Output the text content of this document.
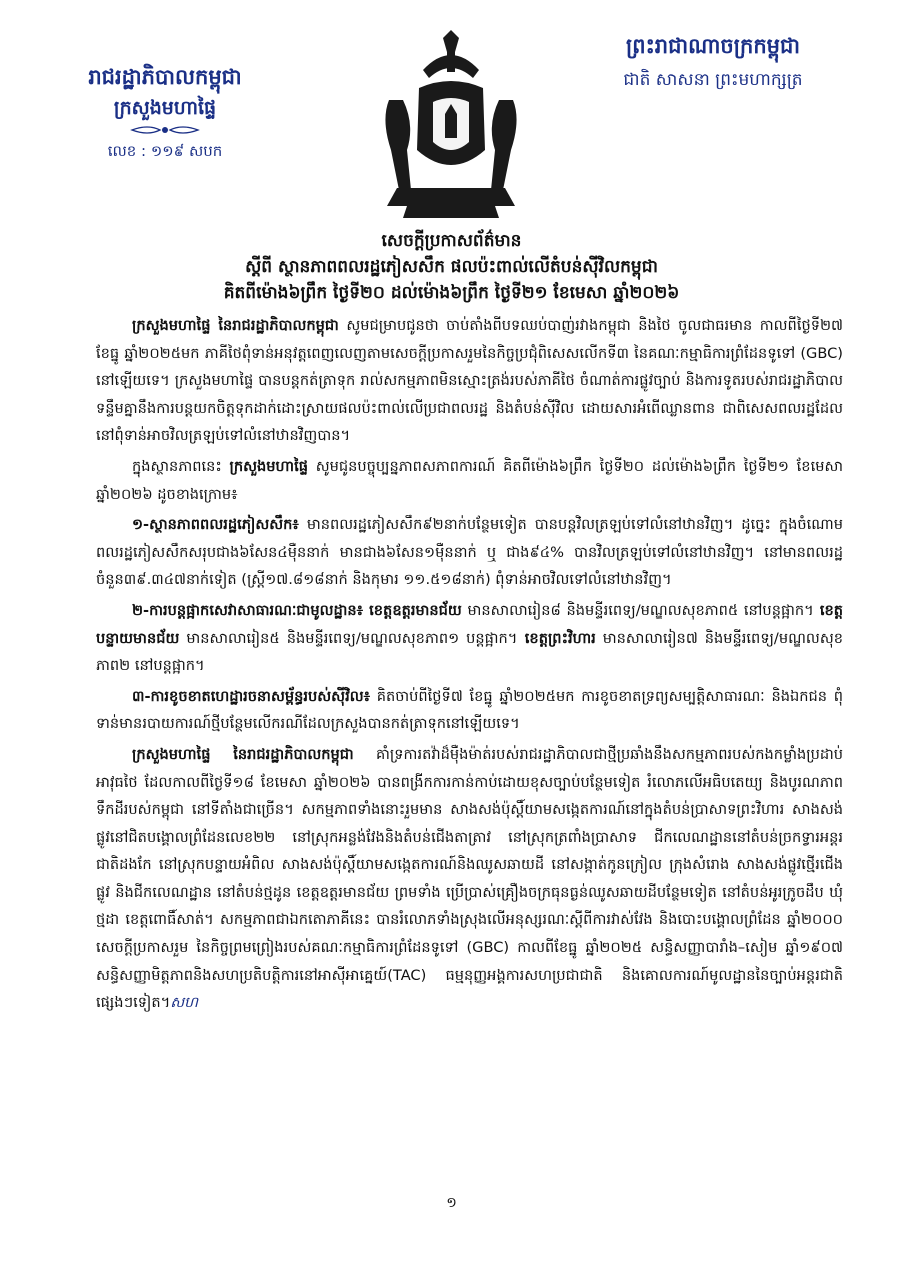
រាជរដ្ឋាភិបាលកម្ពុជា
ក្រសួងមហាផ្ទៃ
លេខ : ១១៩ សបក
ព្រះរាជាណាចក្រកម្ពុជា
ជាតិ សាសនា ព្រះមហាក្សត្រ
សេចក្តីប្រកាសព័ត៌មាន
ស្តីពី ស្ថានភាពពលរដ្ឋភៀសសឹក ផលប៉ះពាល់លើតំបន់ស៊ីវិលកម្ពុជា
គិតពីម៉ោង៦ព្រឹក ថ្ងៃទី២០ ដល់ម៉ោង៦ព្រឹក ថ្ងៃទី២១ ខែមេសា ឆ្នាំ២០២៦

ក្រសួងមហាផ្ទៃ នៃរាជរដ្ឋាភិបាលកម្ពុជា សូមជម្រាបជូនថា ចាប់តាំងពីបទឈប់បាញ់រវាងកម្ពុជា និងថៃ ចូលជាធរមាន កាលពីថ្ងៃទី២៧ ខែធ្នូ ឆ្នាំ២០២៥មក ភាគីថៃពុំទាន់អនុវត្តពេញលេញតាមសេចក្តីប្រកាសរួមនៃកិច្ចប្រជុំពិសេសលើកទី៣ នៃគណៈកម្មាធិការព្រំដែនទូទៅ (GBC) នៅឡើយទេ។ ក្រសួងមហាផ្ទៃ បានបន្តកត់ត្រាទុក រាល់សកម្មភាពមិនស្មោះត្រង់របស់ភាគីថៃ ចំណាត់ការផ្លូវច្បាប់ និងការទូតរបស់រាជរដ្ឋាភិបាល ទន្ទឹមគ្នានឹងការបន្តយកចិត្តទុកដាក់ដោះស្រាយផលប៉ះពាល់លើប្រជាពលរដ្ឋ និងតំបន់ស៊ីវិល ដោយសារអំពើឈ្លានពាន ជាពិសេសពលរដ្ឋដែលនៅពុំទាន់អាចវិលត្រឡប់ទៅលំនៅឋានវិញបាន។

ក្នុងស្ថានភាពនេះ ក្រសួងមហាផ្ទៃ សូមជូនបច្ចុប្បន្នភាពសភាពការណ៍ គិតពីម៉ោង៦ព្រឹក ថ្ងៃទី២០ ដល់ម៉ោង៦ព្រឹក ថ្ងៃទី២១ ខែមេសា ឆ្នាំ២០២៦ ដូចខាងក្រោម៖

១-ស្ថានភាពពលរដ្ឋភៀសសឹក៖ មានពលរដ្ឋភៀសសឹក៩២នាក់បន្ថែមទៀត បានបន្តវិលត្រឡប់ទៅលំនៅឋានវិញ។ ដូច្នេះ ក្នុងចំណោមពលរដ្ឋភៀសសឹកសរុបជាង៦សែន៤ម៉ឺននាក់ មានជាង៦សែន១ម៉ឺននាក់ ឬ ជាង៩៤% បានវិលត្រឡប់ទៅលំនៅឋានវិញ។ នៅមានពលរដ្ឋចំនួន៣៩.៣៤៧នាក់ទៀត (ស្ត្រី១៧.៨១៨នាក់ និងកុមារ ១១.៥១៨នាក់) ពុំទាន់អាចវិលទៅលំនៅឋានវិញ។

២-ការបន្តផ្អាកសេវាសាធារណៈជាមូលដ្ឋាន៖ ខេត្តឧត្តរមានជ័យ មានសាលារៀន៨ និងមន្ទីរពេទ្យ/មណ្ឌលសុខភាព៥ នៅបន្តផ្អាក។ ខេត្តបន្ទាយមានជ័យ មានសាលារៀន៥ និងមន្ទីរពេទ្យ/មណ្ឌលសុខភាព១ បន្តផ្អាក។ ខេត្តព្រះវិហារ មានសាលារៀន៧ និងមន្ទីរពេទ្យ/មណ្ឌលសុខភាព២ នៅបន្តផ្អាក។

៣-ការខូចខាតហេដ្ឋារចនាសម្ព័ន្ធរបស់ស៊ីវិល៖ គិតចាប់ពីថ្ងៃទី៧ ខែធ្នូ ឆ្នាំ២០២៥មក ការខូចខាតទ្រព្យសម្បត្តិសាធារណៈ និងឯកជន ពុំទាន់មានរបាយការណ៍ថ្មីបន្ថែមលើករណីដែលក្រសួងបានកត់ត្រាទុកនៅឡើយទេ។

ក្រសួងមហាផ្ទៃ នៃរាជរដ្ឋាភិបាលកម្ពុជា គាំទ្រការតវ៉ាដ៏ម៉ឺងម៉ាត់របស់រាជរដ្ឋាភិបាលជាថ្មីប្រឆាំងនឹងសកម្មភាពរបស់កងកម្លាំងប្រដាប់អាវុធថៃ ដែលកាលពីថ្ងៃទី១៨ ខែមេសា ឆ្នាំ២០២៦ បានពង្រីកការកាន់កាប់ដោយខុសច្បាប់បន្ថែមទៀត រំលោភលើអធិបតេយ្យ និងបូរណភាពទឹកដីរបស់កម្ពុជា នៅទីតាំងជាច្រើន។ សកម្មភាពទាំងនោះរួមមាន សាងសង់ប៉ុស្តិ៍យាមសង្កេតការណ៍នៅក្នុងតំបន់ប្រាសាទព្រះវិហារ សាងសង់ផ្លូវនៅជិតបង្គោលព្រំដែនលេខ២២ នៅស្រុកអន្លង់វែងនិងតំបន់ជើងតាត្រាវ នៅស្រុកត្រពាំងប្រាសាទ ជីកលេណដ្ឋាននៅតំបន់ច្រកទ្វារអន្តរជាតិដងកែ នៅស្រុកបន្ទាយអំពិល សាងសង់ប៉ុស្តិ៍យាមសង្កេតការណ៍និងឈូសឆាយដី នៅសង្កាត់កូនក្រៀល ក្រុងសំរោង សាងសង់ផ្លូវថ្មើរជើង ផ្លូវ និងជីកលេណដ្ឋាន នៅតំបន់ថ្មដូន ខេត្តឧត្តរមានជ័យ ព្រមទាំង ប្រើប្រាស់គ្រឿងចក្រធុនធ្ងន់ឈូសឆាយដីបន្ថែមទៀត នៅតំបន់អូរក្រូចដឹប ឃុំថ្មដា ខេត្តពោធិ៍សាត់។ សកម្មភាពជាឯកតោភាគីនេះ បានរំលោភទាំងស្រុងលើអនុស្សរណៈស្តីពីការវាស់វែង និងបោះបង្គោលព្រំដែន ឆ្នាំ២០០០ សេចក្តីប្រកាសរួម នៃកិច្ចព្រមព្រៀងរបស់គណៈកម្មាធិការព្រំដែនទូទៅ (GBC) កាលពីខែធ្នូ ឆ្នាំ២០២៥ សន្ធិសញ្ញាបារាំង–សៀម ឆ្នាំ១៩០៧ សន្ធិសញ្ញាមិត្តភាពនិងសហប្រតិបត្តិការនៅអាស៊ីអាគ្នេយ៍(TAC) ធម្មនុញ្ញអង្គការសហប្រជាជាតិ និងគោលការណ៍មូលដ្ឋាននៃច្បាប់អន្តរជាតិផ្សេងៗទៀត។សហ

១
